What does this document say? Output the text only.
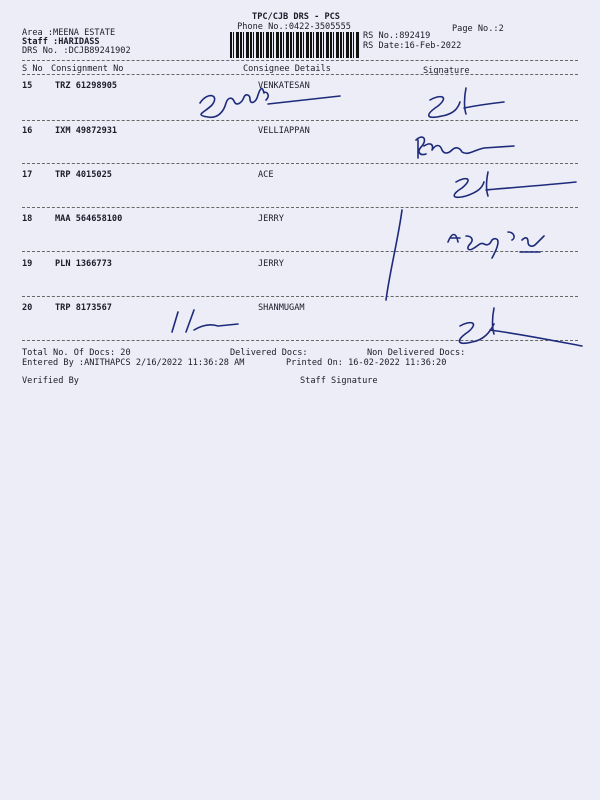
TPC/CJB DRS - PCS
Phone No.:0422-3505555
Area :MEENA ESTATE
Staff :HARIDASS
DRS No. :DCJB89241902
RS No.:892419
RS Date:16-Feb-2022
Page No.:2
S No Consignment No	Consignee Details	Signature
15	TRZ 61298905	VENKATESAN
16	IXM 49872931	VELLIAPPAN
17	TRP 4015025	ACE
18	MAA 564658100	JERRY
19	PLN 1366773	JERRY
20	TRP 8173567	SHANMUGAM
Total No. Of Docs: 20	Delivered Docs:	Non Delivered Docs:
Entered By :ANITHAPCS 2/16/2022 11:36:28 AM	Printed On: 16-02-2022 11:36:20
Verified By	Staff Signature
